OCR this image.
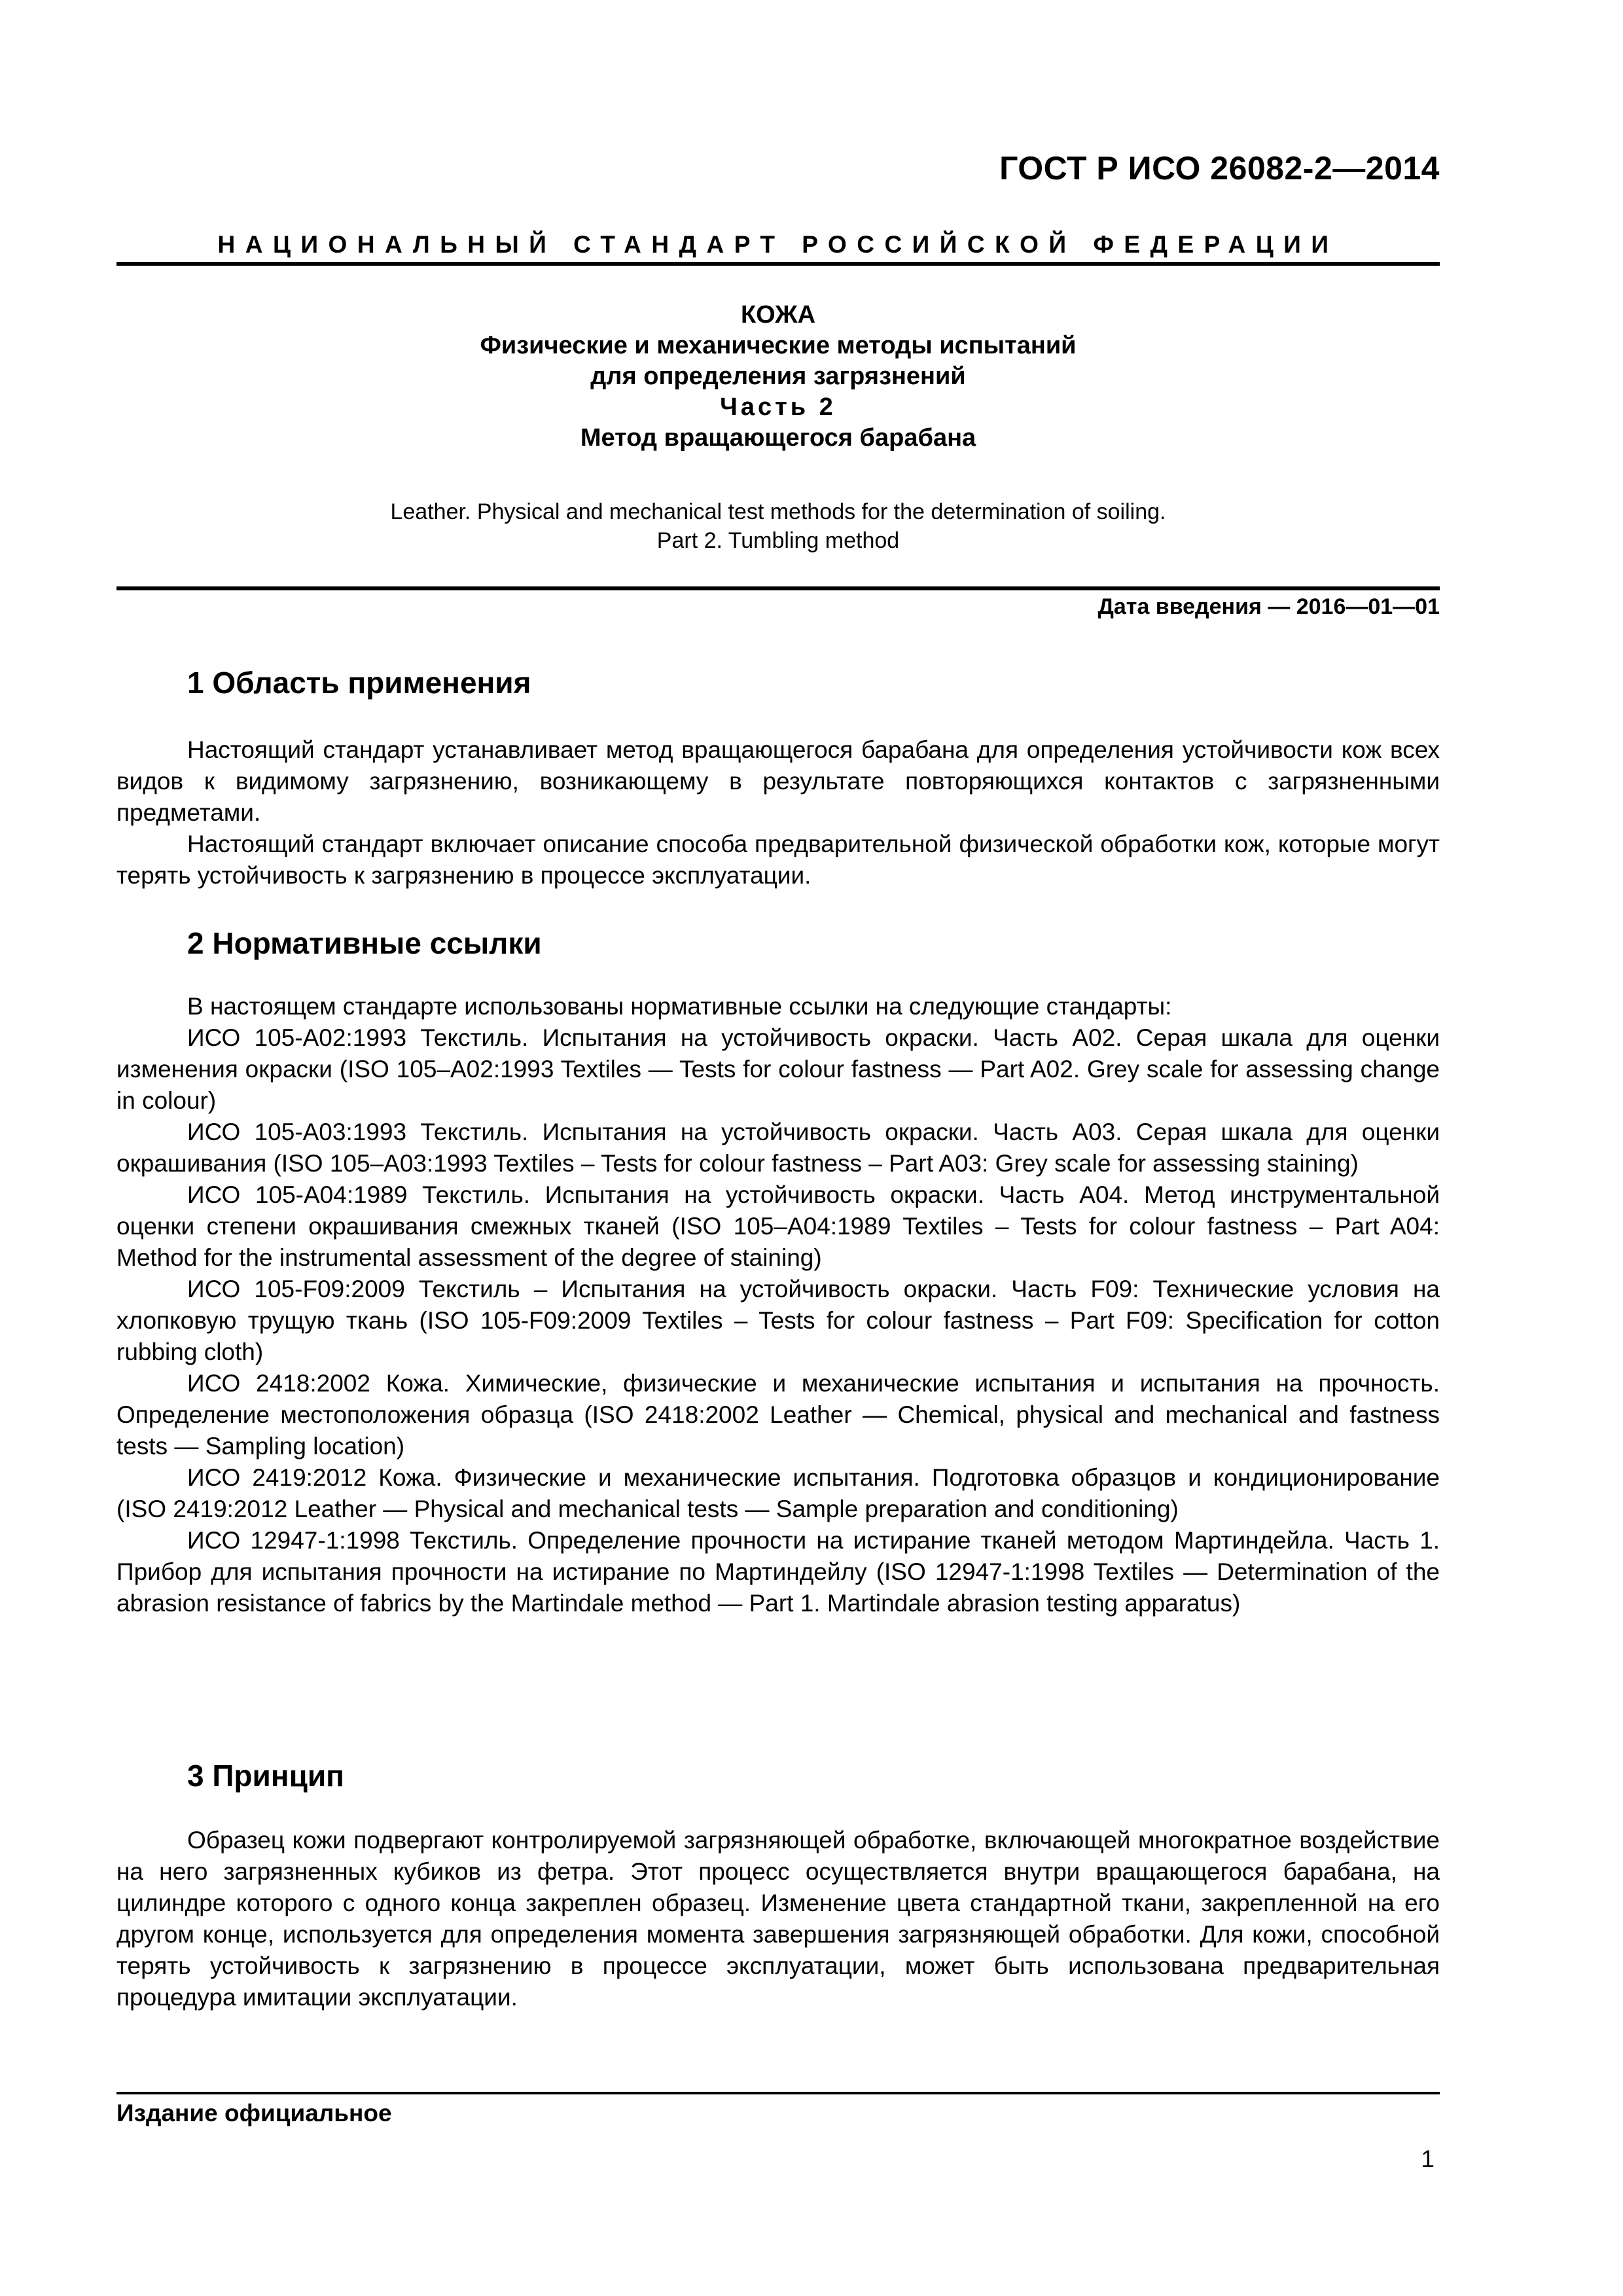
ГОСТ Р ИСО 26082-2—2014
НАЦИОНАЛЬНЫЙ СТАНДАРТ РОССИЙСКОЙ ФЕДЕРАЦИИ
КОЖА
Физические и механические методы испытаний
для определения загрязнений
Часть 2
Метод вращающегося барабана
Leather. Physical and mechanical test methods for the determination of soiling.
Part 2. Tumbling method
Дата введения — 2016—01—01
1 Область применения

Настоящий стандарт устанавливает метод вращающегося барабана для определения устойчивости кож всех видов к видимому загрязнению, возникающему в результате повторяющихся контактов с загрязненными предметами.

Настоящий стандарт включает описание способа предварительной физической обработки кож, которые могут терять устойчивость к загрязнению в процессе эксплуатации.

2 Нормативные ссылки

В настоящем стандарте использованы нормативные ссылки на следующие стандарты:

ИСО 105-A02:1993 Текстиль. Испытания на устойчивость окраски. Часть A02. Серая шкала для оценки изменения окраски (ISO 105–A02:1993 Textiles — Tests for colour fastness — Part A02. Grey scale for assessing change in colour)

ИСО 105-A03:1993 Текстиль. Испытания на устойчивость окраски. Часть A03. Серая шкала для оценки окрашивания (ISO 105–A03:1993 Textiles – Tests for colour fastness – Part A03: Grey scale for assessing staining)

ИСО 105-A04:1989 Текстиль. Испытания на устойчивость окраски. Часть A04. Метод инструментальной оценки степени окрашивания смежных тканей (ISO 105–A04:1989 Textiles – Tests for colour fastness – Part A04: Method for the instrumental assessment of the degree of staining)

ИСО 105-F09:2009 Текстиль – Испытания на устойчивость окраски. Часть F09: Технические условия на хлопковую трущую ткань (ISO 105-F09:2009 Textiles – Tests for colour fastness – Part F09: Specification for cotton rubbing cloth)

ИСО 2418:2002 Кожа. Химические, физические и механические испытания и испытания на прочность. Определение местоположения образца (ISO 2418:2002 Leather — Chemical, physical and mechanical and fastness tests — Sampling location)

ИСО 2419:2012 Кожа. Физические и механические испытания. Подготовка образцов и кондиционирование (ISO 2419:2012 Leather — Physical and mechanical tests — Sample preparation and conditioning)

ИСО 12947-1:1998 Текстиль. Определение прочности на истирание тканей методом Мартиндейла. Часть 1. Прибор для испытания прочности на истирание по Мартиндейлу (ISO 12947-1:1998 Textiles — Determination of the abrasion resistance of fabrics by the Martindale method — Part 1. Martindale abrasion testing apparatus)

3 Принцип

Образец кожи подвергают контролируемой загрязняющей обработке, включающей многократное воздействие на него загрязненных кубиков из фетра. Этот процесс осуществляется внутри вращающегося барабана, на цилиндре которого с одного конца закреплен образец. Изменение цвета стандартной ткани, закрепленной на его другом конце, используется для определения момента завершения загрязняющей обработки. Для кожи, способной терять устойчивость к загрязнению в процессе эксплуатации, может быть использована предварительная процедура имитации эксплуатации.

Издание официальное
1
